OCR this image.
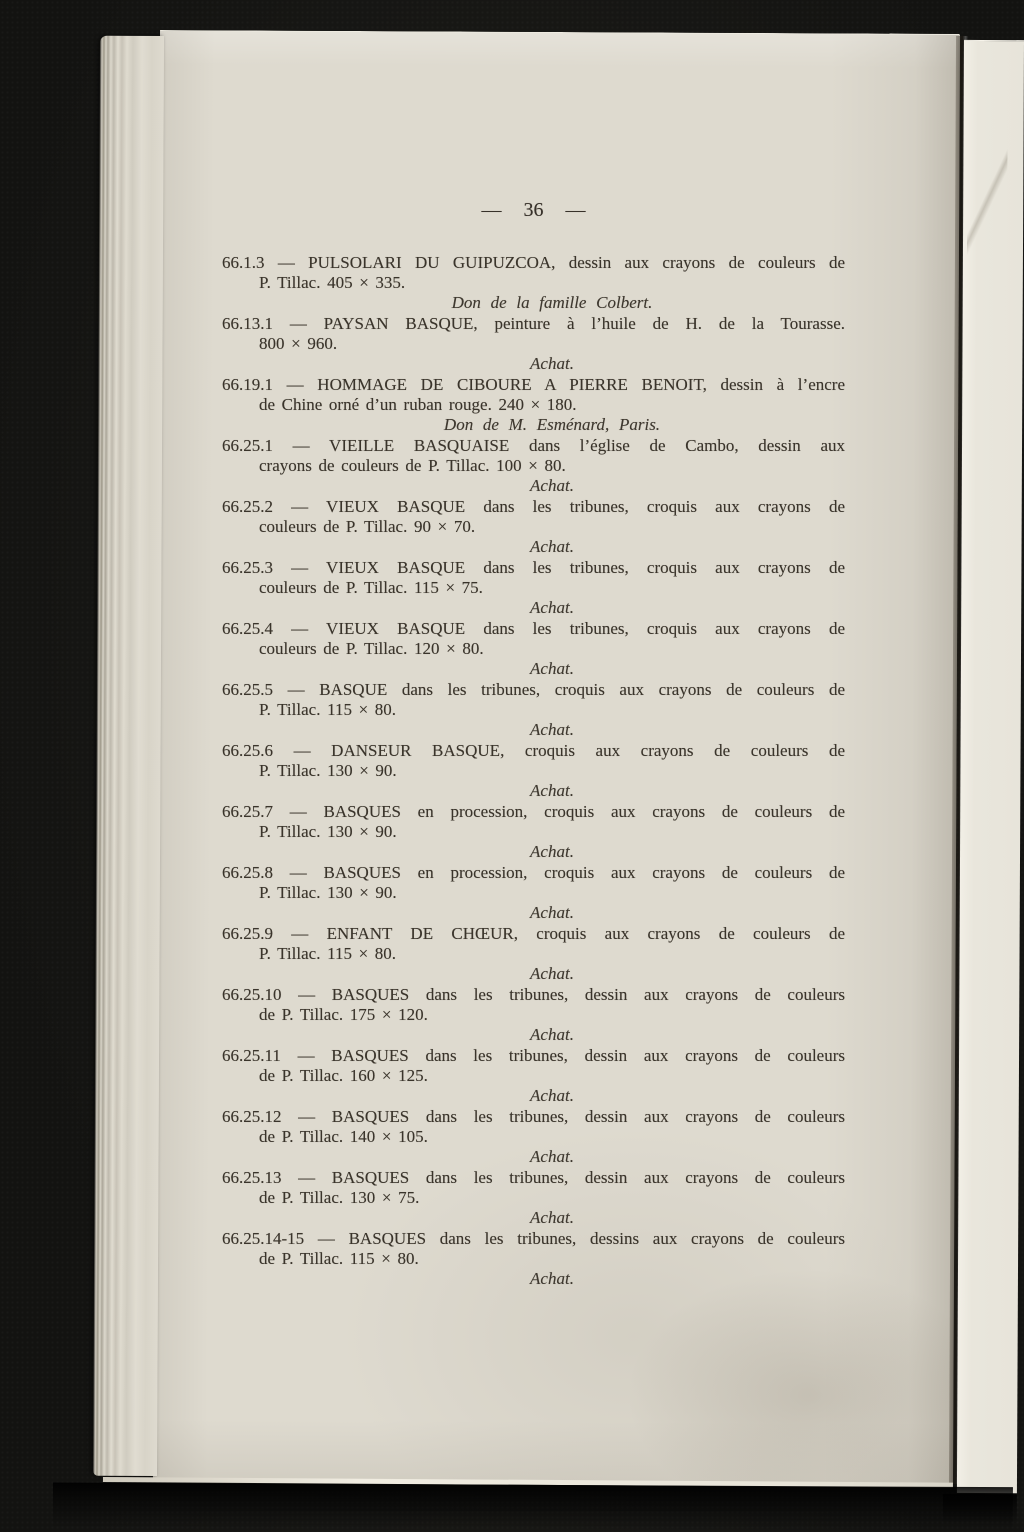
— 36 —
66.1.3 — PULSOLARI DU GUIPUZCOA, dessin aux crayons de couleurs de
P. Tillac. 405 × 335.
Don de la famille Colbert.
66.13.1 — PAYSAN BASQUE, peinture à l’huile de H. de la Tourasse.
800 × 960.
Achat.
66.19.1 — HOMMAGE DE CIBOURE A PIERRE BENOIT, dessin à l’encre
de Chine orné d’un ruban rouge. 240 × 180.
Don de M. Esménard, Paris.
66.25.1 — VIEILLE BASQUAISE dans l’église de Cambo, dessin aux
crayons de couleurs de P. Tillac. 100 × 80.
Achat.
66.25.2 — VIEUX BASQUE dans les tribunes, croquis aux crayons de
couleurs de P. Tillac. 90 × 70.
Achat.
66.25.3 — VIEUX BASQUE dans les tribunes, croquis aux crayons de
couleurs de P. Tillac. 115 × 75.
Achat.
66.25.4 — VIEUX BASQUE dans les tribunes, croquis aux crayons de
couleurs de P. Tillac. 120 × 80.
Achat.
66.25.5 — BASQUE dans les tribunes, croquis aux crayons de couleurs de
P. Tillac. 115 × 80.
Achat.
66.25.6 — DANSEUR BASQUE, croquis aux crayons de couleurs de
P. Tillac. 130 × 90.
Achat.
66.25.7 — BASQUES en procession, croquis aux crayons de couleurs de
P. Tillac. 130 × 90.
Achat.
66.25.8 — BASQUES en procession, croquis aux crayons de couleurs de
P. Tillac. 130 × 90.
Achat.
66.25.9 — ENFANT DE CHŒUR, croquis aux crayons de couleurs de
P. Tillac. 115 × 80.
Achat.
66.25.10 — BASQUES dans les tribunes, dessin aux crayons de couleurs
de P. Tillac. 175 × 120.
Achat.
66.25.11 — BASQUES dans les tribunes, dessin aux crayons de couleurs
de P. Tillac. 160 × 125.
Achat.
66.25.12 — BASQUES dans les tribunes, dessin aux crayons de couleurs
de P. Tillac. 140 × 105.
Achat.
66.25.13 — BASQUES dans les tribunes, dessin aux crayons de couleurs
de P. Tillac. 130 × 75.
Achat.
66.25.14-15 — BASQUES dans les tribunes, dessins aux crayons de couleurs
de P. Tillac. 115 × 80.
Achat.
